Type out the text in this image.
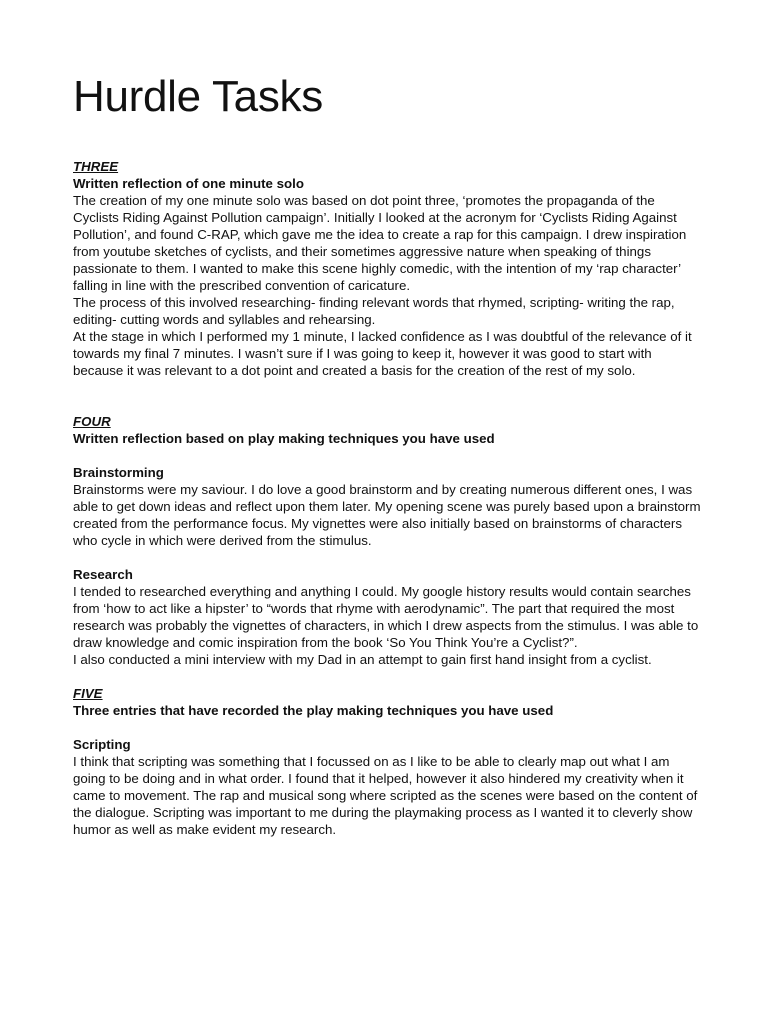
Hurdle Tasks

THREE

Written reflection of one minute solo

The creation of my one minute solo was based on dot point three, ‘promotes the propaganda of the Cyclists Riding Against Pollution campaign’. Initially I looked at the acronym for ‘Cyclists Riding Against Pollution’, and found C-RAP, which gave me the idea to create a rap for this campaign. I drew inspiration from youtube sketches of cyclists, and their sometimes aggressive nature when speaking of things passionate to them. I wanted to make this scene highly comedic, with the intention of my ‘rap character’ falling in line with the prescribed convention of caricature.

The process of this involved researching- finding relevant words that rhymed, scripting- writing the rap, editing- cutting words and syllables and rehearsing.

At the stage in which I performed my 1 minute, I lacked confidence as I was doubtful of the relevance of it towards my final 7 minutes. I wasn’t sure if I was going to keep it, however it was good to start with because it was relevant to a dot point and created a basis for the creation of the rest of my solo.

FOUR

Written reflection based on play making techniques you have used

Brainstorming

Brainstorms were my saviour. I do love a good brainstorm and by creating numerous different ones, I was able to get down ideas and reflect upon them later. My opening scene was purely based upon a brainstorm created from the performance focus. My vignettes were also initially based on brainstorms of characters who cycle in which were derived from the stimulus.

Research

I tended to researched everything and anything I could. My google history results would contain searches from ‘how to act like a hipster’ to “words that rhyme with aerodynamic”. The part that required the most research was probably the vignettes of characters, in which I drew aspects from the stimulus. I was able to draw knowledge and comic inspiration from the book ‘So You Think You’re a Cyclist?”.

I also conducted a mini interview with my Dad in an attempt to gain first hand insight from a cyclist.

FIVE

Three entries that have recorded the play making techniques you have used

Scripting

I think that scripting was something that I focussed on as I like to be able to clearly map out what I am going to be doing and in what order. I found that it helped, however it also hindered my creativity when it came to movement. The rap and musical song where scripted as the scenes were based on the content of the dialogue. Scripting was important to me during the playmaking process as I wanted it to cleverly show humor as well as make evident my research.
